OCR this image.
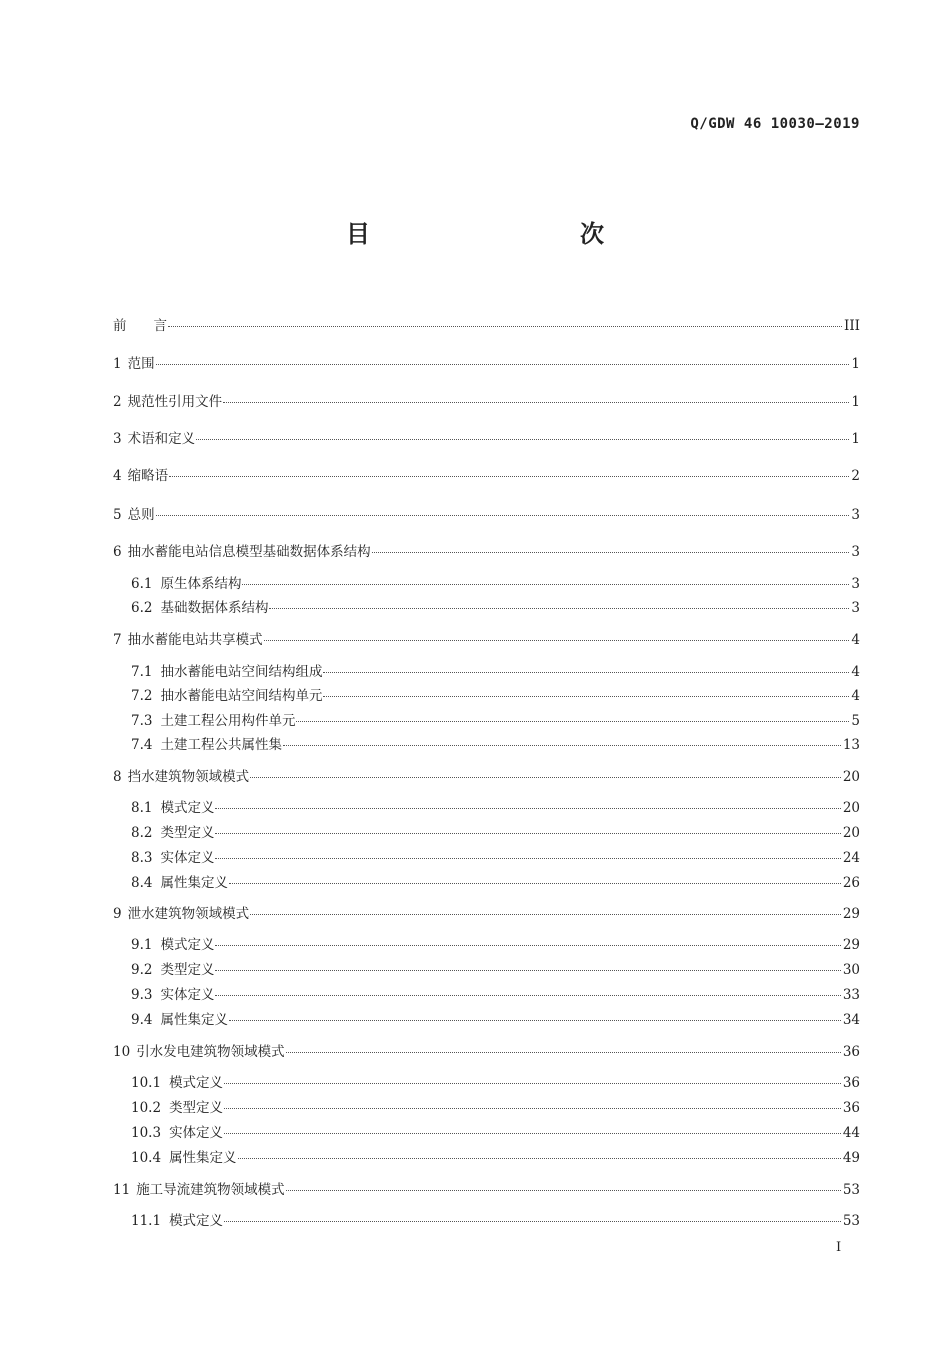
Q/GDW 46 10030—2019
目　　次
前　　言	III
1 范围	1
2 规范性引用文件	1
3 术语和定义	1
4 缩略语	2
5 总则	3
6 抽水蓄能电站信息模型基础数据体系结构	3
6.1 原生体系结构	3
6.2 基础数据体系结构	3
7 抽水蓄能电站共享模式	4
7.1 抽水蓄能电站空间结构组成	4
7.2 抽水蓄能电站空间结构单元	4
7.3 土建工程公用构件单元	5
7.4 土建工程公共属性集	13
8 挡水建筑物领域模式	20
8.1 模式定义	20
8.2 类型定义	20
8.3 实体定义	24
8.4 属性集定义	26
9 泄水建筑物领域模式	29
9.1 模式定义	29
9.2 类型定义	30
9.3 实体定义	33
9.4 属性集定义	34
10 引水发电建筑物领域模式	36
10.1 模式定义	36
10.2 类型定义	36
10.3 实体定义	44
10.4 属性集定义	49
11 施工导流建筑物领域模式	53
11.1 模式定义	53
I
